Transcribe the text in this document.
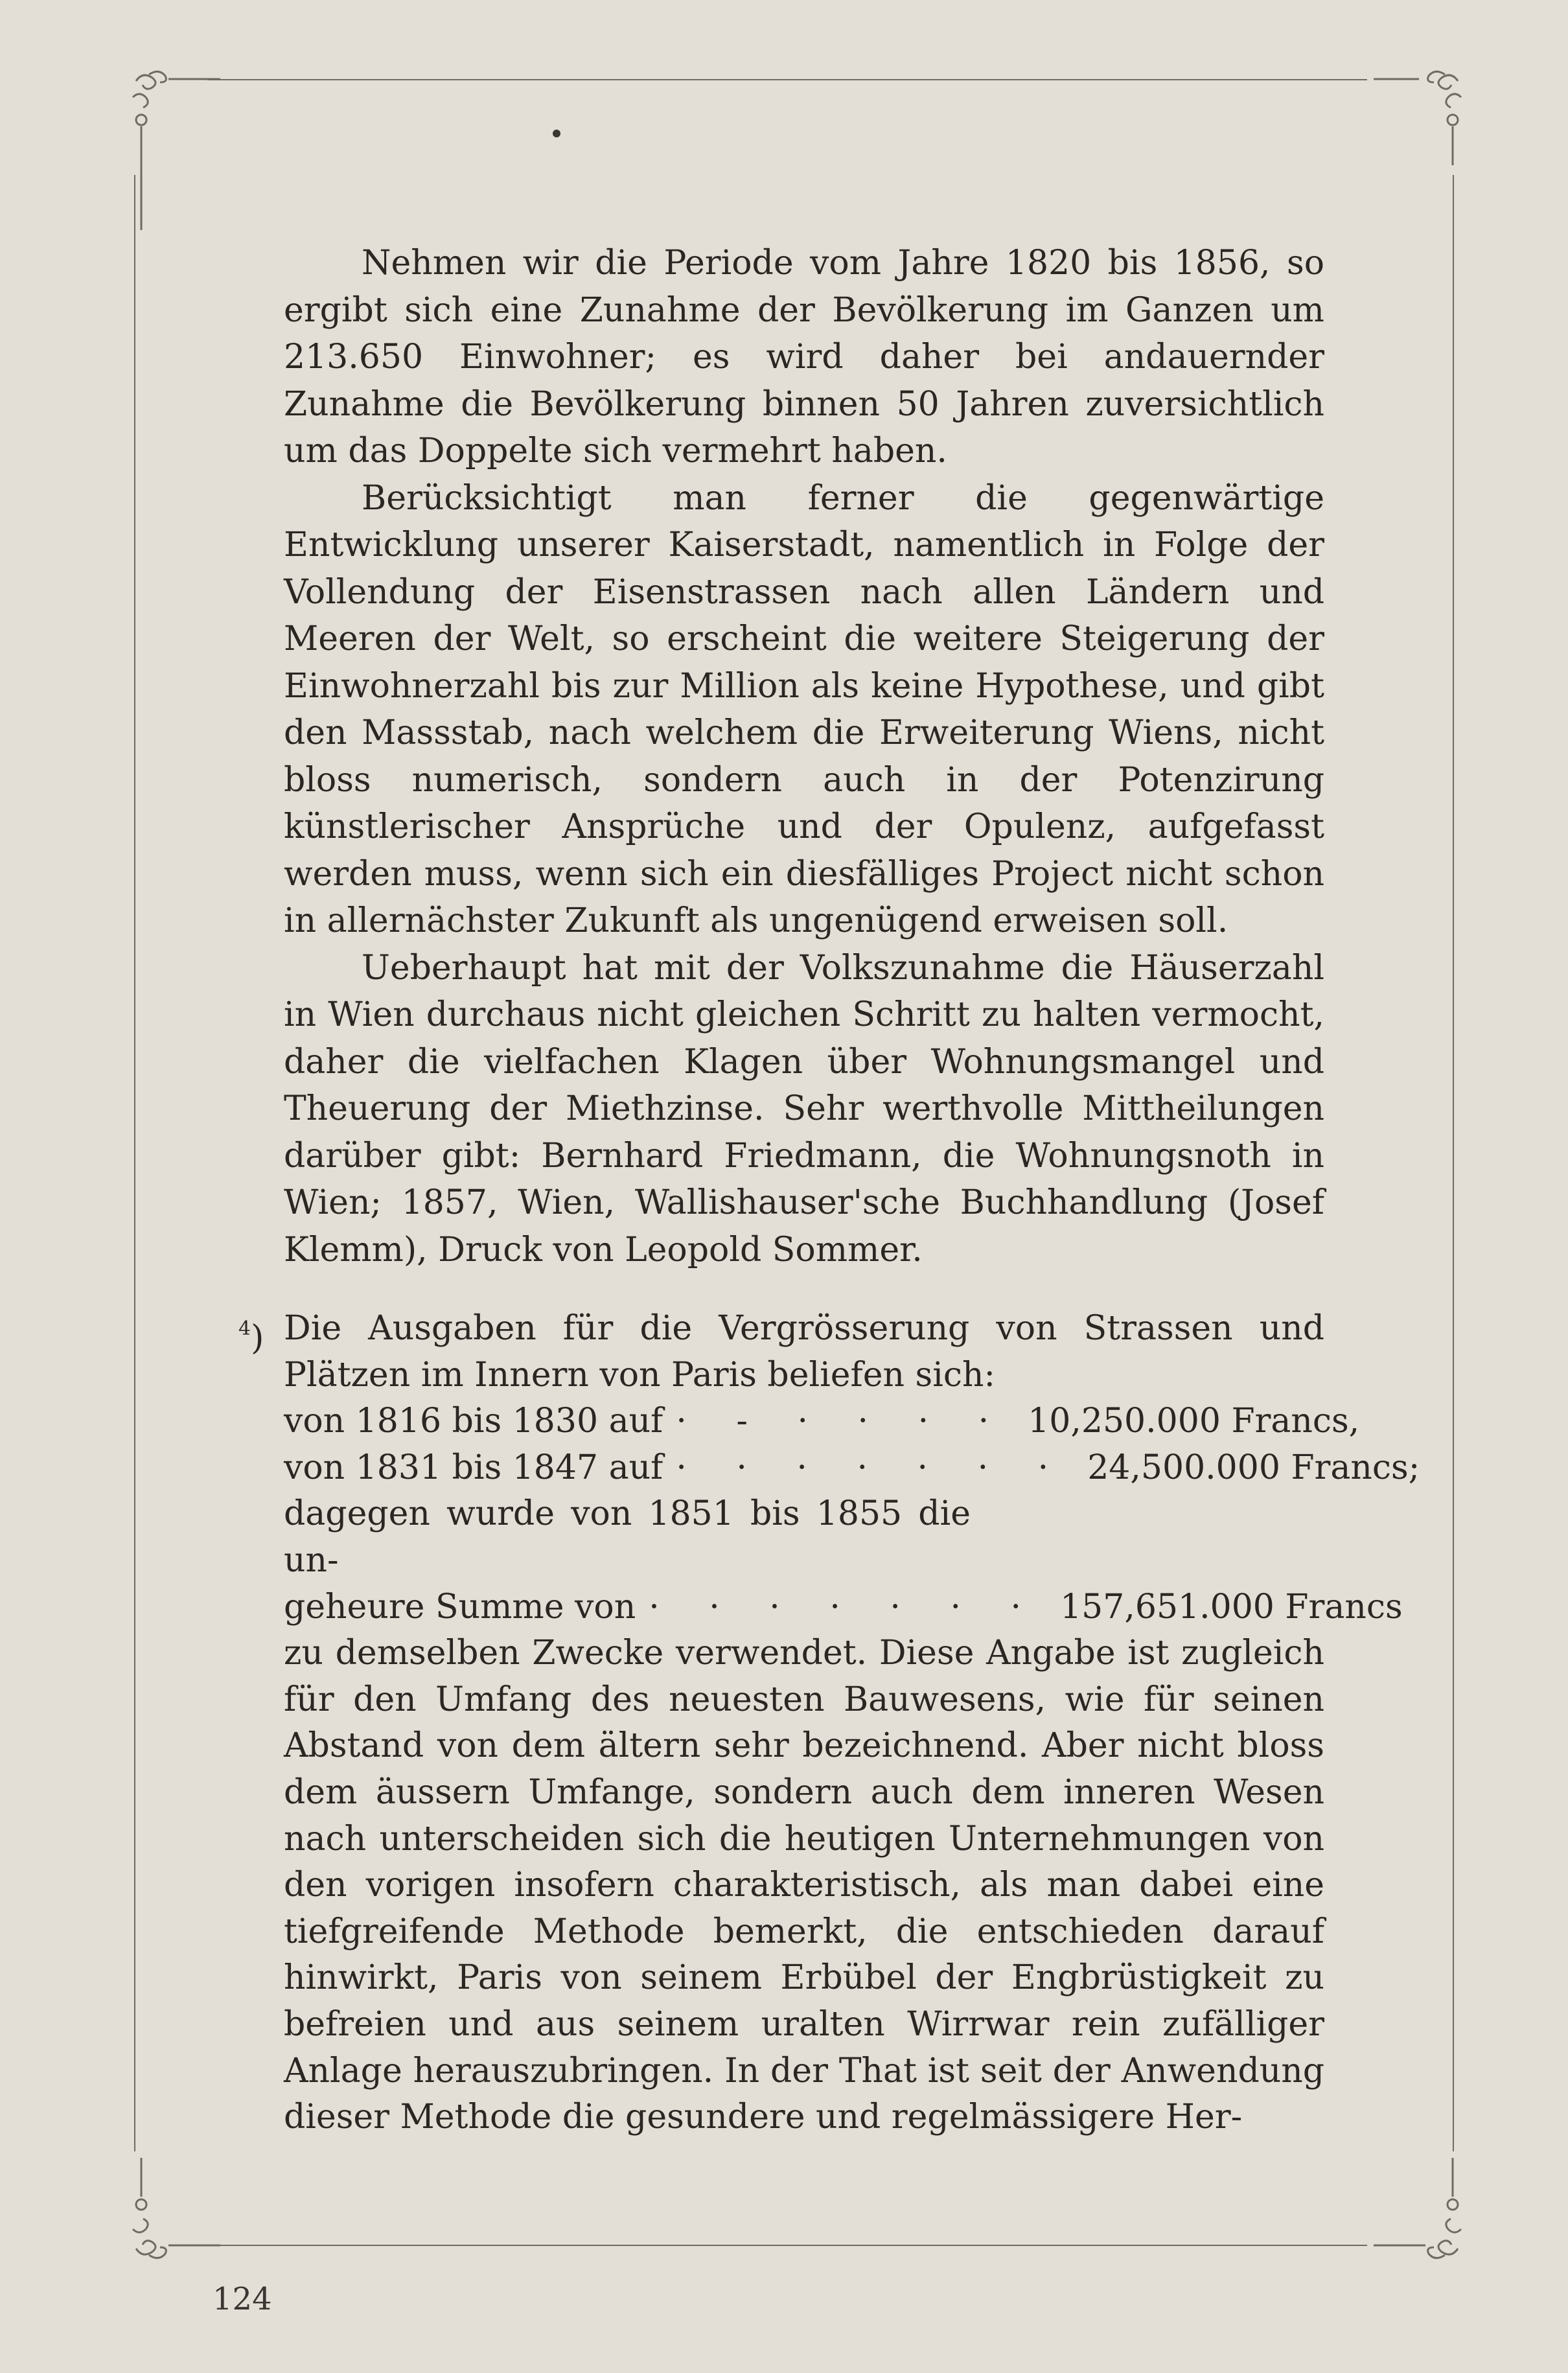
Nehmen wir die Periode vom Jahre 1820 bis 1856, so ergibt sich eine Zunahme der Bevölkerung im Ganzen um 213.650 Einwohner; es wird daher bei andauernder Zunahme die Bevölkerung binnen 50 Jahren zuversichtlich um das Doppelte sich vermehrt haben.

Berücksichtigt man ferner die gegenwärtige Entwicklung unserer Kaiserstadt, namentlich in Folge der Vollendung der Eisenstrassen nach allen Ländern und Meeren der Welt, so erscheint die weitere Steigerung der Einwohnerzahl bis zur Million als keine Hypothese, und gibt den Massstab, nach welchem die Erweiterung Wiens, nicht bloss numerisch, sondern auch in der Potenzirung künstlerischer Ansprüche und der Opulenz, aufgefasst werden muss, wenn sich ein diesfälliges Project nicht schon in allernächster Zukunft als ungenügend erweisen soll.

Ueberhaupt hat mit der Volkszunahme die Häuserzahl in Wien durchaus nicht gleichen Schritt zu halten vermocht, daher die vielfachen Klagen über Wohnungsmangel und Theuerung der Miethzinse. Sehr werthvolle Mittheilungen darüber gibt: Bernhard Friedmann, die Wohnungsnoth in Wien; 1857, Wien, Wallishauser'sche Buchhandlung (Josef Klemm), Druck von Leopold Sommer.

$^4$) Die Ausgaben für die Vergrösserung von Strassen und Plätzen im Innern von Paris beliefen sich:
von 1816 bis 1830 auf · - · · · · 10,250.000 Francs,
von 1831 bis 1847 auf · · · · · · · 24,500.000 Francs;
dagegen wurde von 1851 bis 1855 die un-
geheure Summe von · · · · · · · 157,651.000 Francs
zu demselben Zwecke verwendet. Diese Angabe ist zugleich für den Umfang des neuesten Bauwesens, wie für seinen Abstand von dem ältern sehr bezeichnend. Aber nicht bloss dem äussern Umfange, sondern auch dem inneren Wesen nach unterscheiden sich die heutigen Unternehmungen von den vorigen insofern charakteristisch, als man dabei eine tiefgreifende Methode bemerkt, die entschieden darauf hinwirkt, Paris von seinem Erbübel der Engbrüstigkeit zu befreien und aus seinem uralten Wirrwar rein zufälliger Anlage herauszubringen. In der That ist seit der Anwendung dieser Methode die gesundere und regelmässigere Her-
124
